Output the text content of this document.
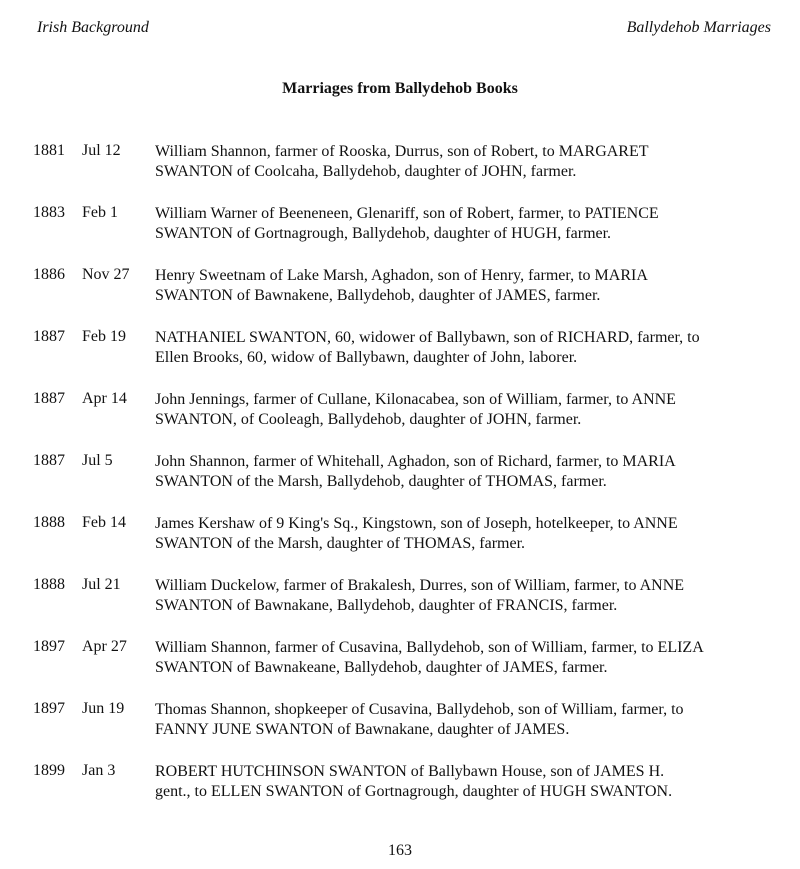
Irish Background	Ballydehob Marriages
Marriages from Ballydehob Books
1881 Jul 12 William Shannon, farmer of Rooska, Durrus, son of Robert, to MARGARET
SWANTON of Coolcaha, Ballydehob, daughter of JOHN, farmer.
1883 Feb 1 William Warner of Beeneneen, Glenariff, son of Robert, farmer, to PATIENCE
SWANTON of Gortnagrough, Ballydehob, daughter of HUGH, farmer.
1886 Nov 27 Henry Sweetnam of Lake Marsh, Aghadon, son of Henry, farmer, to MARIA
SWANTON of Bawnakene, Ballydehob, daughter of JAMES, farmer.
1887 Feb 19 NATHANIEL SWANTON, 60, widower of Ballybawn, son of RICHARD, farmer, to
Ellen Brooks, 60, widow of Ballybawn, daughter of John, laborer.
1887 Apr 14 John Jennings, farmer of Cullane, Kilonacabea, son of William, farmer, to ANNE
SWANTON, of Cooleagh, Ballydehob, daughter of JOHN, farmer.
1887 Jul 5	John Shannon, farmer of Whitehall, Aghadon, son of Richard, farmer, to MARIA
SWANTON of the Marsh, Ballydehob, daughter of THOMAS, farmer.
1888 Feb 14 James Kershaw of 9 King's Sq., Kingstown, son of Joseph, hotelkeeper, to ANNE
SWANTON of the Marsh, daughter of THOMAS, farmer.
1888 Jul 21 William Duckelow, farmer of Brakalesh, Durres, son of William, farmer, to ANNE
SWANTON of Bawnakane, Ballydehob, daughter of FRANCIS, farmer.
1897 Apr 27 William Shannon, farmer of Cusavina, Ballydehob, son of William, farmer, to ELIZA
SWANTON of Bawnakeane, Ballydehob, daughter of JAMES, farmer.
1897 Jun 19 Thomas Shannon, shopkeeper of Cusavina, Ballydehob, son of William, farmer, to
FANNY JUNE SWANTON of Bawnakane, daughter of JAMES.
1899 Jan 3 ROBERT HUTCHINSON SWANTON of Ballybawn House, son of JAMES H.
gent., to ELLEN SWANTON of Gortnagrough, daughter of HUGH SWANTON.
163
